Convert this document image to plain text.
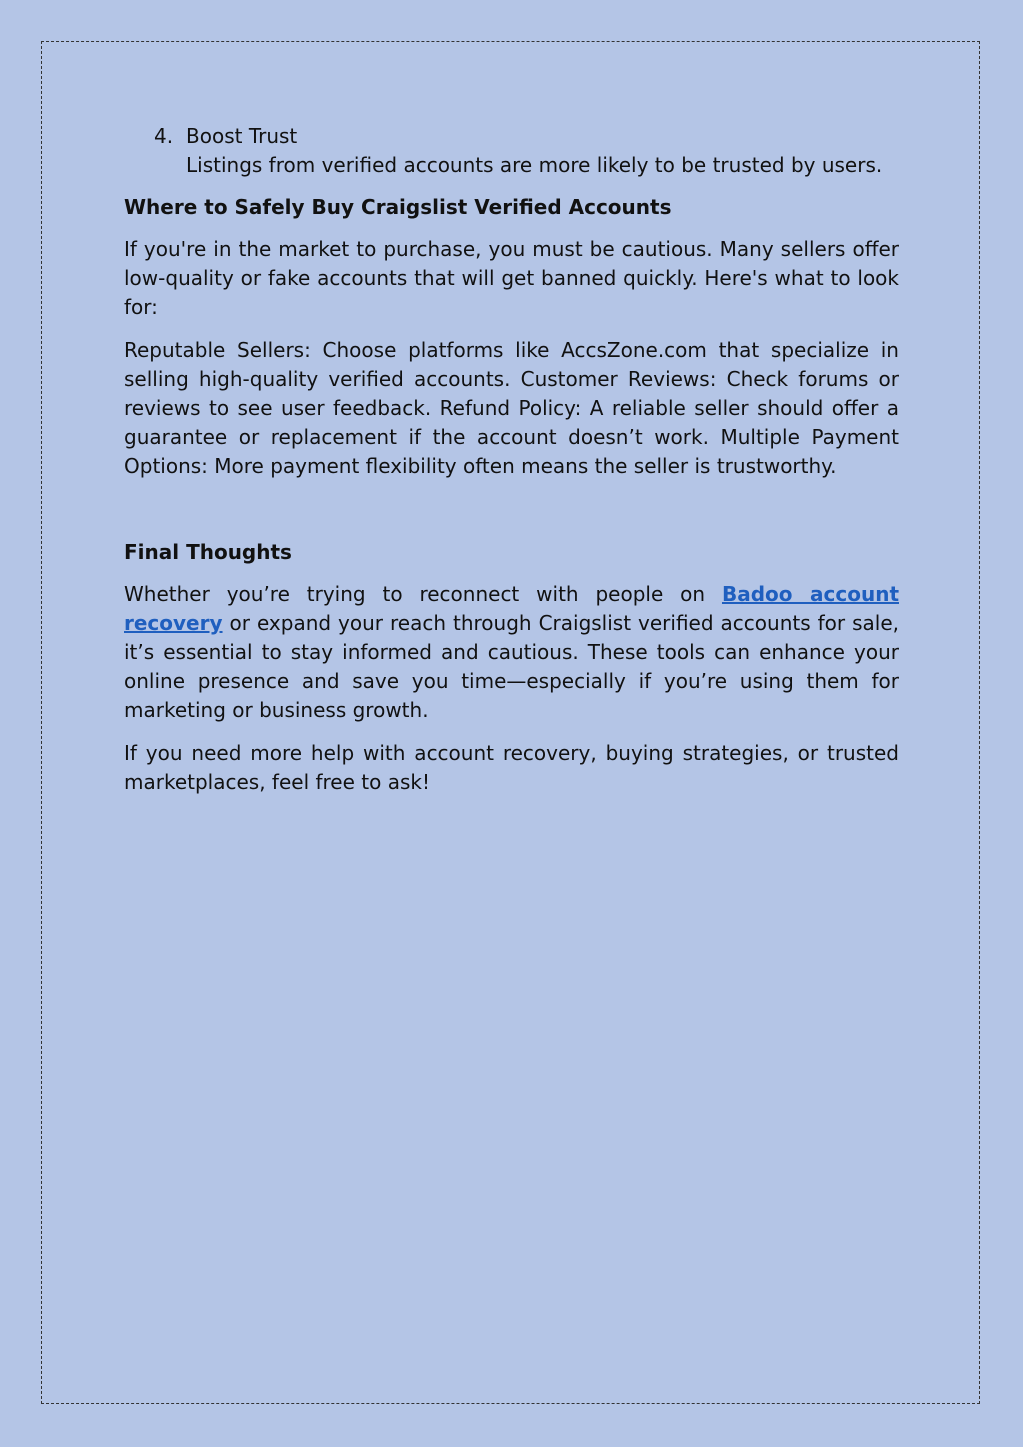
4. Boost Trust
Listings from verified accounts are more likely to be trusted by users.
Where to Safely Buy Craigslist Verified Accounts

If you're in the market to purchase, you must be cautious. Many sellers offer low-quality or fake accounts that will get banned quickly. Here's what to look for:

Reputable Sellers: Choose platforms like AccsZone.com that specialize in selling high-quality verified accounts. Customer Reviews: Check forums or reviews to see user feedback. Refund Policy: A reliable seller should offer a guarantee or replacement if the account doesn’t work. Multiple Payment Options: More payment flexibility often means the seller is trustworthy.

Final Thoughts

Whether you’re trying to reconnect with people on Badoo account recovery or expand your reach through Craigslist verified accounts for sale, it’s essential to stay informed and cautious. These tools can enhance your online presence and save you time—especially if you’re using them for marketing or business growth.

If you need more help with account recovery, buying strategies, or trusted marketplaces, feel free to ask!
